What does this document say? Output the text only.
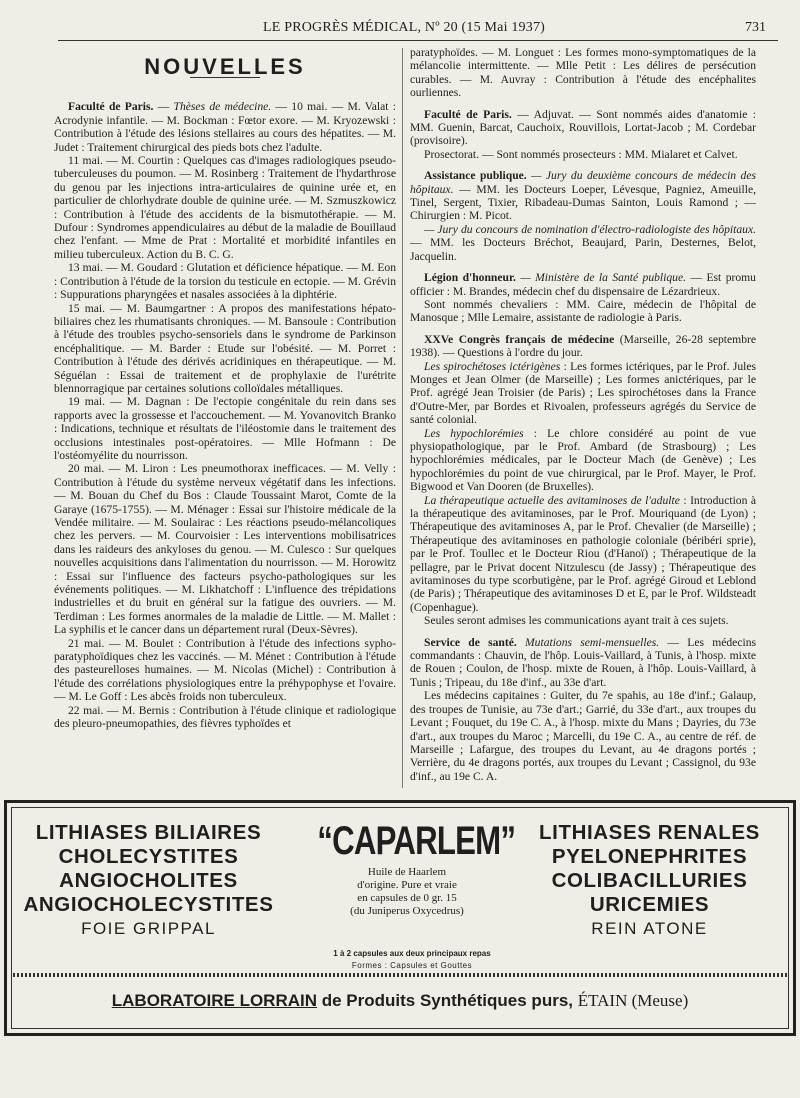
LE PROGRÈS MÉDICAL, Nº 20 (15 Mai 1937)	731
NOUVELLES

Faculté de Paris. — Thèses de médecine. — 10 mai. — M. Valat : Acrodynie infantile. — M. Bockman : Fœtor exore. — M. Kryozewski : Contribution à l'étude des lésions stellaires au cours des hépatites. — M. Judet : Traitement chirurgical des pieds bots chez l'adulte.

11 mai. — M. Courtin : Quelques cas d'images radiologiques pseudo-tuberculeuses du poumon. — M. Rosinberg : Traitement de l'hydarthrose du genou par les injections intra-articulaires de quinine urée et, en particulier de chlorhydrate double de quinine urée. — M. Szmuszkowicz : Contribution à l'étude des accidents de la bismutothérapie. — M. Dufour : Syndromes appendiculaires au début de la maladie de Bouillaud chez l'enfant. — Mme de Prat : Mortalité et morbidité infantiles en milieu tuberculeux. Action du B. C. G.

13 mai. — M. Goudard : Glutation et déficience hépatique. — M. Eon : Contribution à l'étude de la torsion du testicule en ectopie. — M. Grévin : Suppurations pharyngées et nasales associées à la diphtérie.

15 mai. — M. Baumgartner : A propos des manifestations hépato-biliaires chez les rhumatisants chroniques. — M. Bansoule : Contribution à l'étude des troubles psycho-sensoriels dans le syndrome de Parkinson encéphalitique. — M. Barder : Etude sur l'obésité. — M. Porret : Contribution à l'étude des dérivés acridiniques en thérapeutique. — M. Séguélan : Essai de traitement et de prophylaxie de l'urétrite blennorragique par certaines solutions colloïdales métalliques.

19 mai. — M. Dagnan : De l'ectopie congénitale du rein dans ses rapports avec la grossesse et l'accouchement. — M. Yovanovitch Branko : Indications, technique et résultats de l'iléostomie dans le traitement des occlusions intestinales post-opératoires. — Mlle Hofmann : De l'ostéomyélite du nourrisson.

20 mai. — M. Liron : Les pneumothorax inefficaces. — M. Velly : Contribution à l'étude du système nerveux végétatif dans les infections. — M. Bouan du Chef du Bos : Claude Toussaint Marot, Comte de la Garaye (1675-1755). — M. Ménager : Essai sur l'histoire médicale de la Vendée militaire. — M. Soulairac : Les réactions pseudo-mélancoliques chez les pervers. — M. Courvoisier : Les interventions mobilisatrices dans les raideurs des ankyloses du genou. — M. Culesco : Sur quelques nouvelles acquisitions dans l'alimentation du nourrisson. — M. Horowitz : Essai sur l'influence des facteurs psycho-pathologiques sur les événements politiques. — M. Likhatchoff : L'influence des trépidations industrielles et du bruit en général sur la fatigue des ouvriers. — M. Terdiman : Les formes anormales de la maladie de Little. — M. Mallet : La syphilis et le cancer dans un département rural (Deux-Sèvres).

21 mai. — M. Boulet : Contribution à l'étude des infections sypho-paratyphoïdiques chez les vaccinés. — M. Ménet : Contribution à l'étude des pasteurelloses humaines. — M. Nicolas (Michel) : Contribution à l'étude des corrélations physiologiques entre la préhypophyse et l'ovaire. — M. Le Goff : Les abcès froids non tuberculeux.

22 mai. — M. Bernis : Contribution à l'étude clinique et radiologique des pleuro-pneumopathies, des fièvres typhoïdes et

paratyphoïdes. — M. Longuet : Les formes mono-symptomatiques de la mélancolie intermittente. — Mlle Petit : Les délires de persécution curables. — M. Auvray : Contribution à l'étude des encéphalites ourliennes.

Faculté de Paris. — Adjuvat. — Sont nommés aides d'anatomie : MM. Guenin, Barcat, Cauchoix, Rouvillois, Lortat-Jacob ; M. Cordebar (provisoire).

Prosectorat. — Sont nommés prosecteurs : MM. Mialaret et Calvet.

Assistance publique. — Jury du deuxième concours de médecin des hôpitaux. — MM. les Docteurs Loeper, Lévesque, Pagniez, Ameuille, Tinel, Sergent, Tixier, Ribadeau-Dumas Sainton, Louis Ramond ; — Chirurgien : M. Picot.

— Jury du concours de nomination d'électro-radiologiste des hôpitaux. — MM. les Docteurs Bréchot, Beaujard, Parin, Desternes, Belot, Jacquelin.

Légion d'honneur. — Ministère de la Santé publique. — Est promu officier : M. Brandes, médecin chef du dispensaire de Lézardrieux.

Sont nommés chevaliers : MM. Caire, médecin de l'hôpital de Manosque ; Mlle Lemaire, assistante de radiologie à Paris.

XXVe Congrès français de médecine (Marseille, 26-28 septembre 1938). — Questions à l'ordre du jour.

Les spirochétoses ictérigènes : Les formes ictériques, par le Prof. Jules Monges et Jean Olmer (de Marseille) ; Les formes anictériques, par le Prof. agrégé Jean Troisier (de Paris) ; Les spirochétoses dans la France d'Outre-Mer, par Bordes et Rivoalen, professeurs agrégés du Service de santé colonial.

Les hypochlorémies : Le chlore considéré au point de vue physiopathologique, par le Prof. Ambard (de Strasbourg) ; Les hypochlorémies médicales, par le Docteur Mach (de Genève) ; Les hypochlorémies du point de vue chirurgical, par le Prof. Mayer, le Prof. Bigwood et Van Dooren (de Bruxelles).

La thérapeutique actuelle des avitaminoses de l'adulte : Introduction à la thérapeutique des avitaminoses, par le Prof. Mouriquand (de Lyon) ; Thérapeutique des avitaminoses A, par le Prof. Chevalier (de Marseille) ; Thérapeutique des avitaminoses en pathologie coloniale (béribéri sprie), par le Prof. Toullec et le Docteur Riou (d'Hanoï) ; Thérapeutique de la pellagre, par le Privat docent Nitzulescu (de Jassy) ; Thérapeutique des avitaminoses du type scorbutigène, par le Prof. agrégé Giroud et Leblond (de Paris) ; Thérapeutique des avitaminoses D et E, par le Prof. Wildsteadt (Copenhague).

Seules seront admises les communications ayant trait à ces sujets.

Service de santé. Mutations semi-mensuelles. — Les médecins commandants : Chauvin, de l'hôp. Louis-Vaillard, à Tunis, à l'hosp. mixte de Rouen ; Coulon, de l'hosp. mixte de Rouen, à l'hôp. Louis-Vaillard, à Tunis ; Tripeau, du 18e d'inf., au 33e d'art.

Les médecins capitaines : Guiter, du 7e spahis, au 18e d'inf.; Galaup, des troupes de Tunisie, au 73e d'art.; Garrié, du 33e d'art., aux troupes du Levant ; Fouquet, du 19e C. A., à l'hosp. mixte du Mans ; Dayries, du 73e d'art., aux troupes du Maroc ; Marcelli, du 19e C. A., au centre de réf. de Marseille ; Lafargue, des troupes du Levant, au 4e dragons portés ; Verrière, du 4e dragons portés, aux troupes du Levant ; Cassignol, du 93e d'inf., au 19e C. A.

LITHIASES BILIAIRES
CHOLECYSTITES
ANGIOCHOLITES
ANGIOCHOLECYSTITES
FOIE GRIPPAL
“CAPARLEM”
Huile de Haarlem
d'origine. Pure et vraie
en capsules de 0 gr. 15
(du Juniperus Oxycedrus)
1 à 2 capsules aux deux principaux repas
Formes : Capsules et Gouttes
LITHIASES RENALES
PYELONEPHRITES
COLIBACILLURIES
URICEMIES
REIN ATONE
LABORATOIRE LORRAIN de Produits Synthétiques purs, ÉTAIN (Meuse)
